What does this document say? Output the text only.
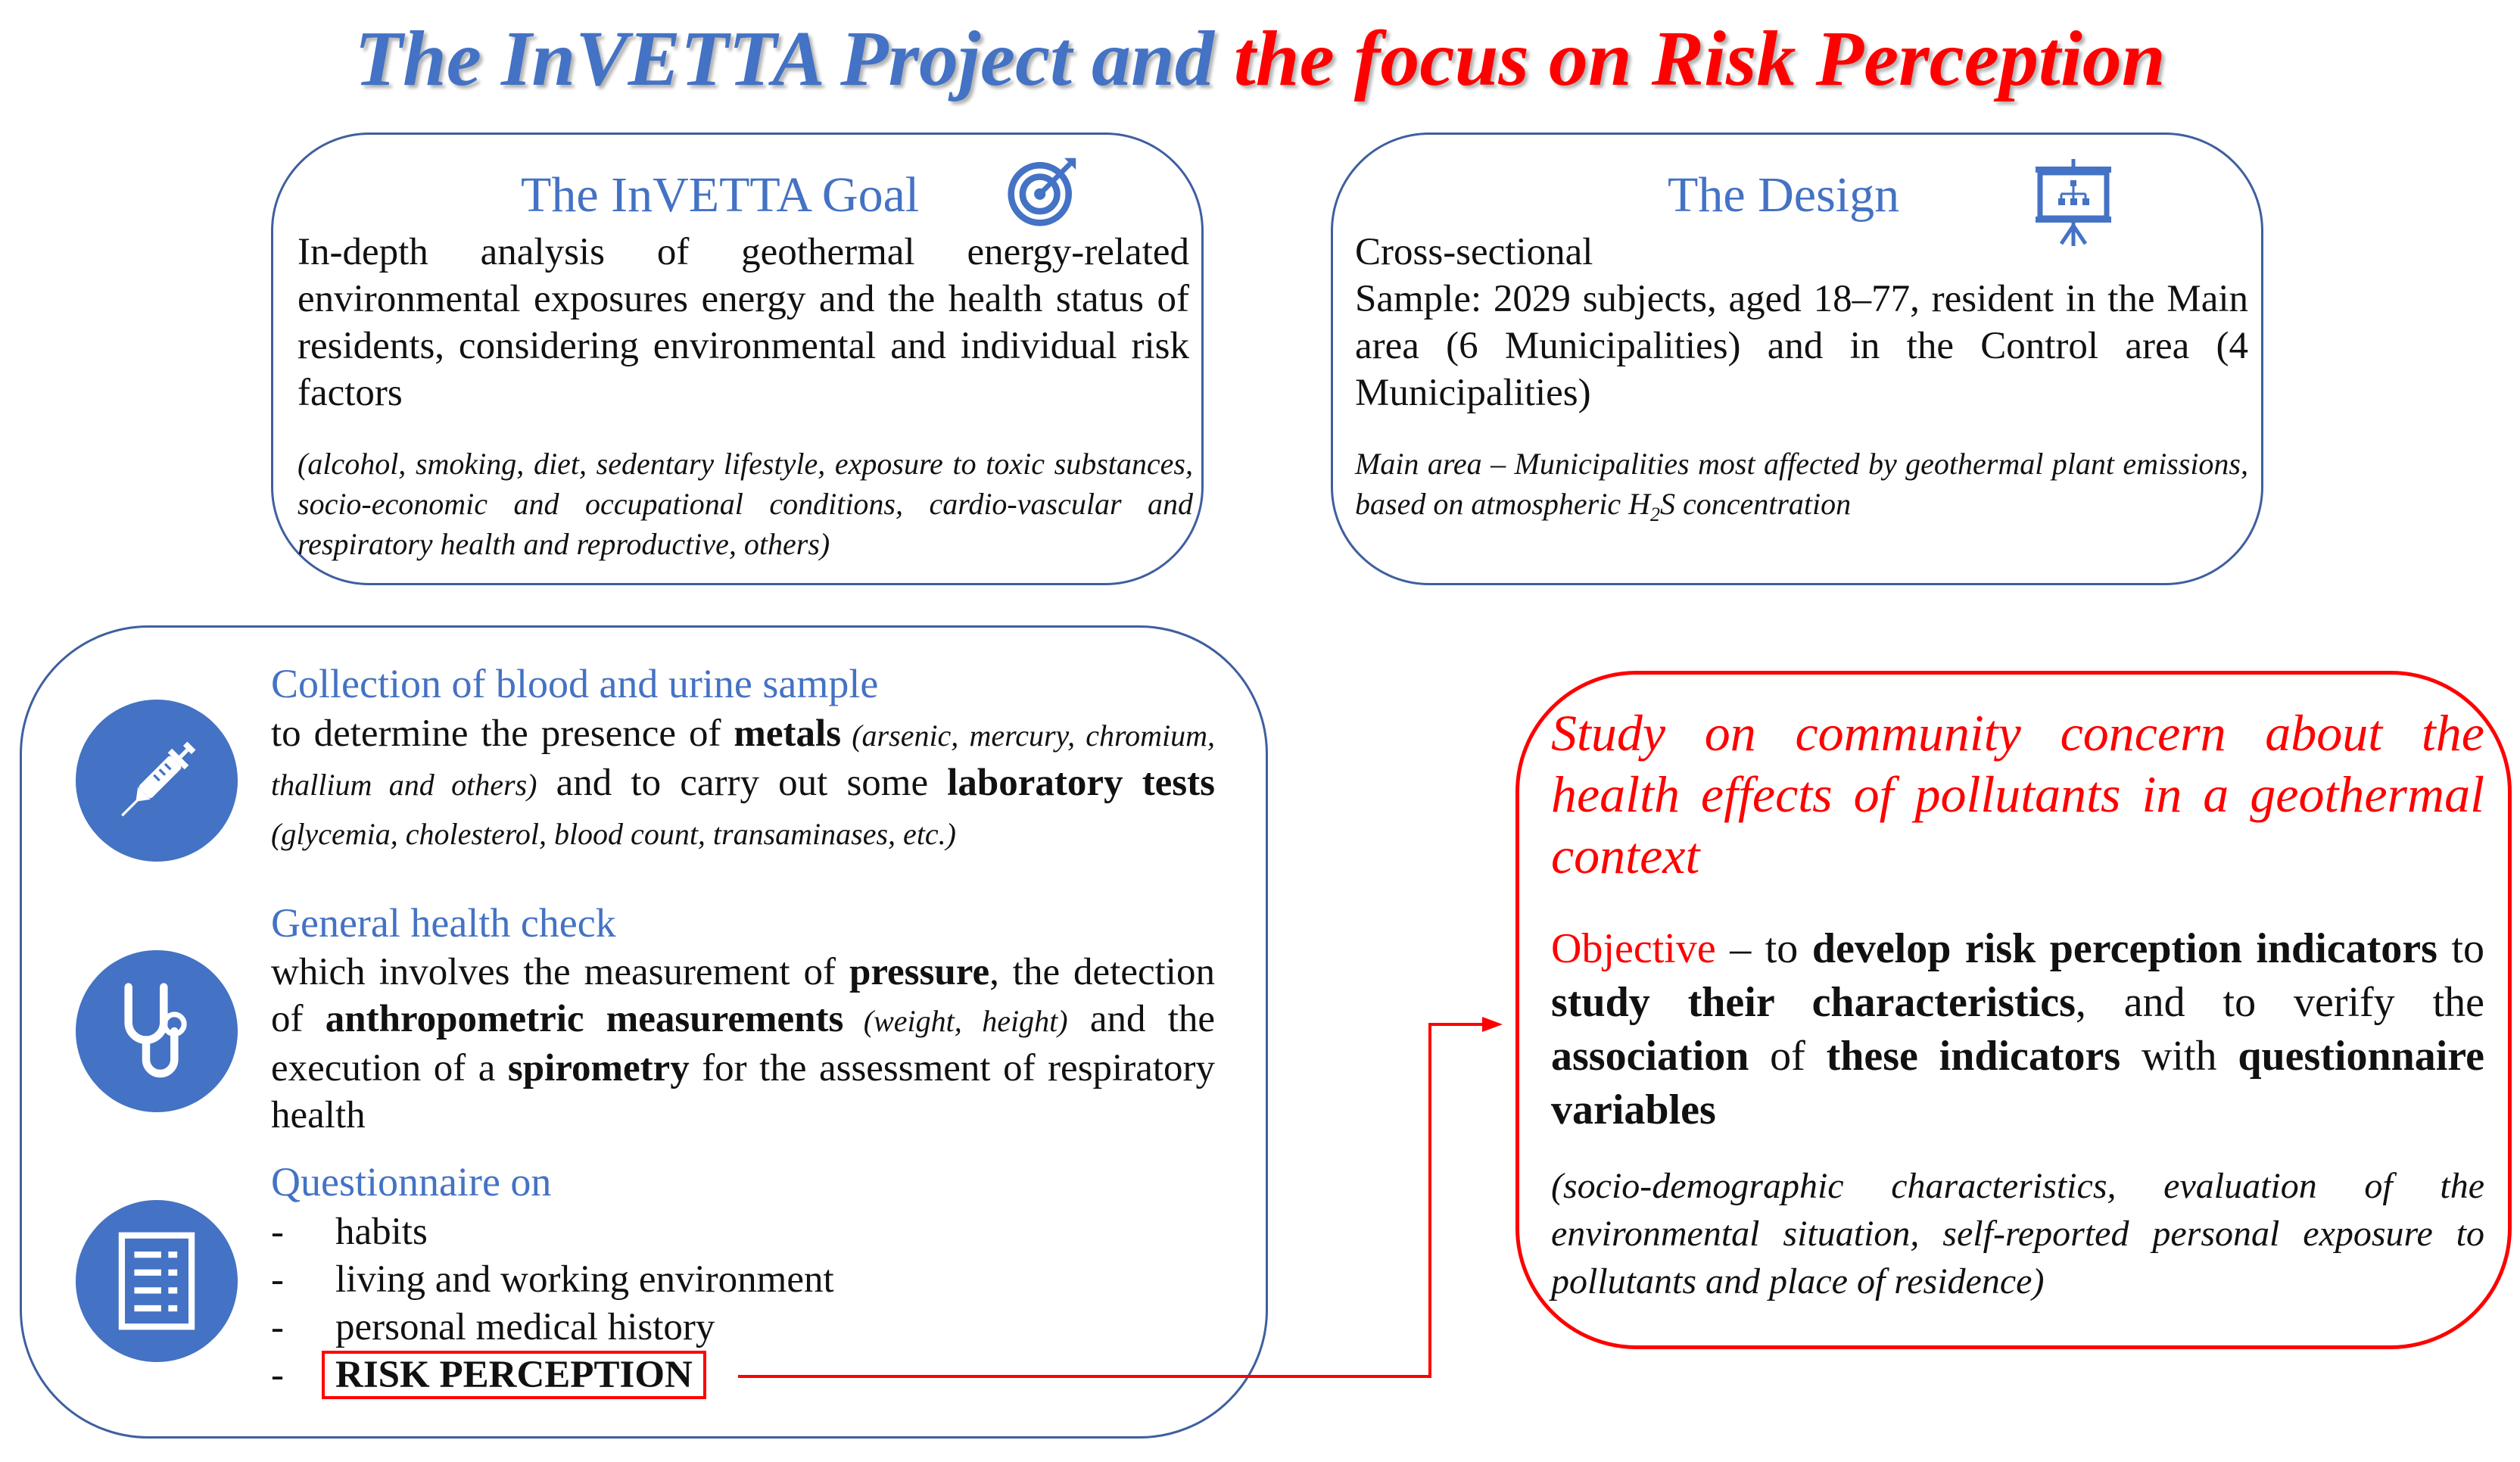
The InVETTA Project and the focus on Risk Perception
The InVETTA Goal
In-depth analysis of geothermal energy-related environmental exposures energy and the health status of residents, considering environmental and individual risk factors
(alcohol, smoking, diet, sedentary lifestyle, exposure to toxic substances, socio-economic and occupational conditions, cardio-vascular and respiratory health and reproductive, others)
The Design
Cross-sectional
Sample: 2029 subjects, aged 18–77, resident in the Main area (6 Municipalities) and in the Control area (4 Municipalities)
Main area – Municipalities most affected by geothermal plant emissions, based on atmospheric $H_2S$ concentration
Collection of blood and urine sample
to determine the presence of metals (arsenic, mercury, chromium, thallium and others) and to carry out some laboratory tests (glycemia, cholesterol, blood count, transaminases, etc.)
General health check
which involves the measurement of pressure, the detection of anthropometric measurements (weight, height) and the execution of a spirometry for the assessment of respiratory health
Questionnaire on
- habits
- living and working environment
- personal medical history
- RISK PERCEPTION
Study on community concern about the health effects of pollutants in a geothermal context
Objective – to develop risk perception indicators to study their characteristics, and to verify the association of these indicators with questionnaire variables
(socio-demographic characteristics, evaluation of the environmental situation, self-reported personal exposure to pollutants and place of residence)
